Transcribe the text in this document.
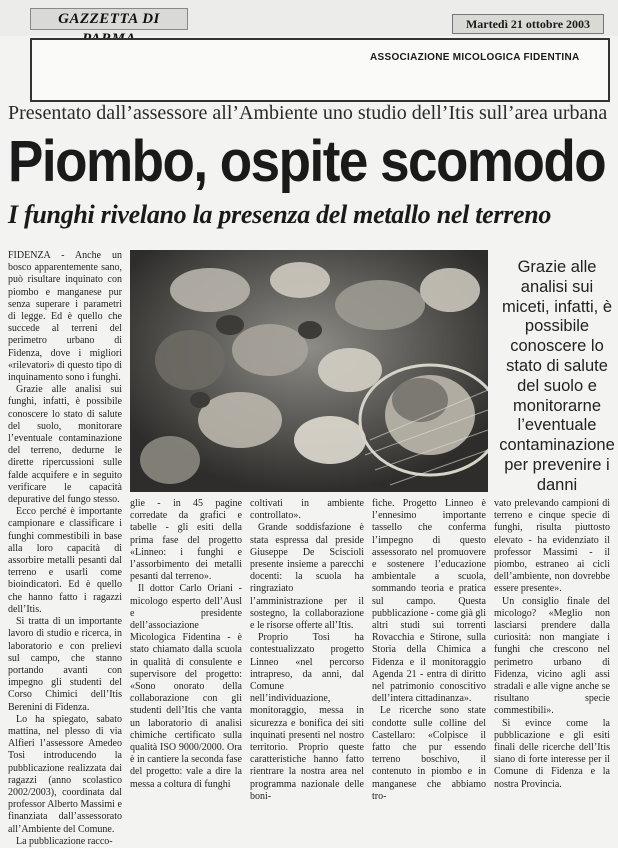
GAZZETTA DI	Martedì 21 ottobre 2003
ASSOCIAZIONE MICOLOGICA FIDENTINA
Presentato dall’assessore all’Ambiente uno studio dell’Itis sull’area urbana
Piombo, ospite scomodo
I funghi rivelano la presenza del metallo nel terreno

FIDENZA - Anche un bosco apparentemente sano, può risultare inquinato con piombo e manganese pur senza superare i parametri di legge. Ed è quello che succede al terreni del perimetro urbano di Fidenza, dove i migliori «rilevatori» di questo tipo di inquinamento sono i funghi.

Grazie alle analisi sui funghi, infatti, è possibile conoscere lo stato di salute del suolo, monitorare l’eventuale contaminazione del terreno, dedurne le dirette ripercussioni sulle falde acquifere e in seguito verificare le capacità depurative del fungo stesso.

Ecco perché è importante campionare e classificare i funghi commestibili in base alla loro capacità di assorbire metalli pesanti dal terreno e usarli come bioindicatori. Ed è quello che hanno fatto i ragazzi dell’Itis.

Si tratta di un importante lavoro di studio e ricerca, in laboratorio e con prelievi sul campo, che stanno portando avanti con impegno gli studenti del Corso Chimici dell’Itis Berenini di Fidenza.

Lo ha spiegato, sabato mattina, nel plesso di via Alfieri l’assessore Amedeo Tosi introducendo la pubblicazione realizzata dai ragazzi (anno scolastico 2002/2003), coordinata dal professor Alberto Massimi e finanziata dall’assessorato all’Ambiente del Comune.

La pubblicazione racco-

Grazie alle analisi sui miceti, infatti, è possibile conoscere lo stato di salute del suolo e monitorarne l’eventuale contaminazione per prevenire i danni

glie - in 45 pagine corredate da grafici e tabelle - gli esiti della prima fase del progetto «Linneo: i funghi e l’assorbimento dei metalli pesanti dal terreno».

Il dottor Carlo Oriani - micologo esperto dell’Ausl e presidente dell’associazione Micologica Fidentina - è stato chiamato dalla scuola in qualità di consulente e supervisore del progetto: «Sono onorato della collaborazione con gli studenti dell’Itis che vanta un laboratorio di analisi chimiche certificato sulla qualità ISO 9000/2000. Ora è in cantiere la seconda fase del progetto: vale a dire la messa a coltura di funghi

coltivati in ambiente controllato».

Grande soddisfazione è stata espressa dal preside Giuseppe De Sciscioli presente insieme a parecchi docenti: la scuola ha ringraziato l’amministrazione per il sostegno, la collaborazione e le risorse offerte all’Itis.

Proprio Tosi ha contestualizzato progetto Linneo «nel percorso intrapreso, da anni, dal Comune nell’individuazione, monitoraggio, messa in sicurezza e bonifica dei siti inquinati presenti nel nostro territorio. Proprio queste caratteristiche hanno fatto rientrare la nostra area nel programma nazionale delle boni-

fiche. Progetto Linneo è l’ennesimo importante tassello che conferma l’impegno di questo assessorato nel promuovere e sostenere l’educazione ambientale a scuola, sommando teoria e pratica sul campo. Questa pubblicazione - come già gli altri studi sui torrenti Rovacchia e Stirone, sulla Storia della Chimica a Fidenza e il monitoraggio Agenda 21 - entra di diritto nel patrimonio conoscitivo dell’intera cittadinanza».

Le ricerche sono state condotte sulle colline del Castellaro: «Colpisce il fatto che pur essendo terreno boschivo, il contenuto in piombo e in manganese che abbiamo tro-

vato prelevando campioni di terreno e cinque specie di funghi, risulta piuttosto elevato - ha evidenziato il professor Massimi - il piombo, estraneo ai cicli dell’ambiente, non dovrebbe essere presente».

Un consiglio finale del micologo? «Meglio non lasciarsi prendere dalla curiosità: non mangiate i funghi che crescono nel perimetro urbano di Fidenza, vicino agli assi stradali e alle vigne anche se risultano specie commestibili».

Si evince come la pubblicazione e gli esiti finali delle ricerche dell’Itis siano di forte interesse per il Comune di Fidenza e la nostra Provincia.
